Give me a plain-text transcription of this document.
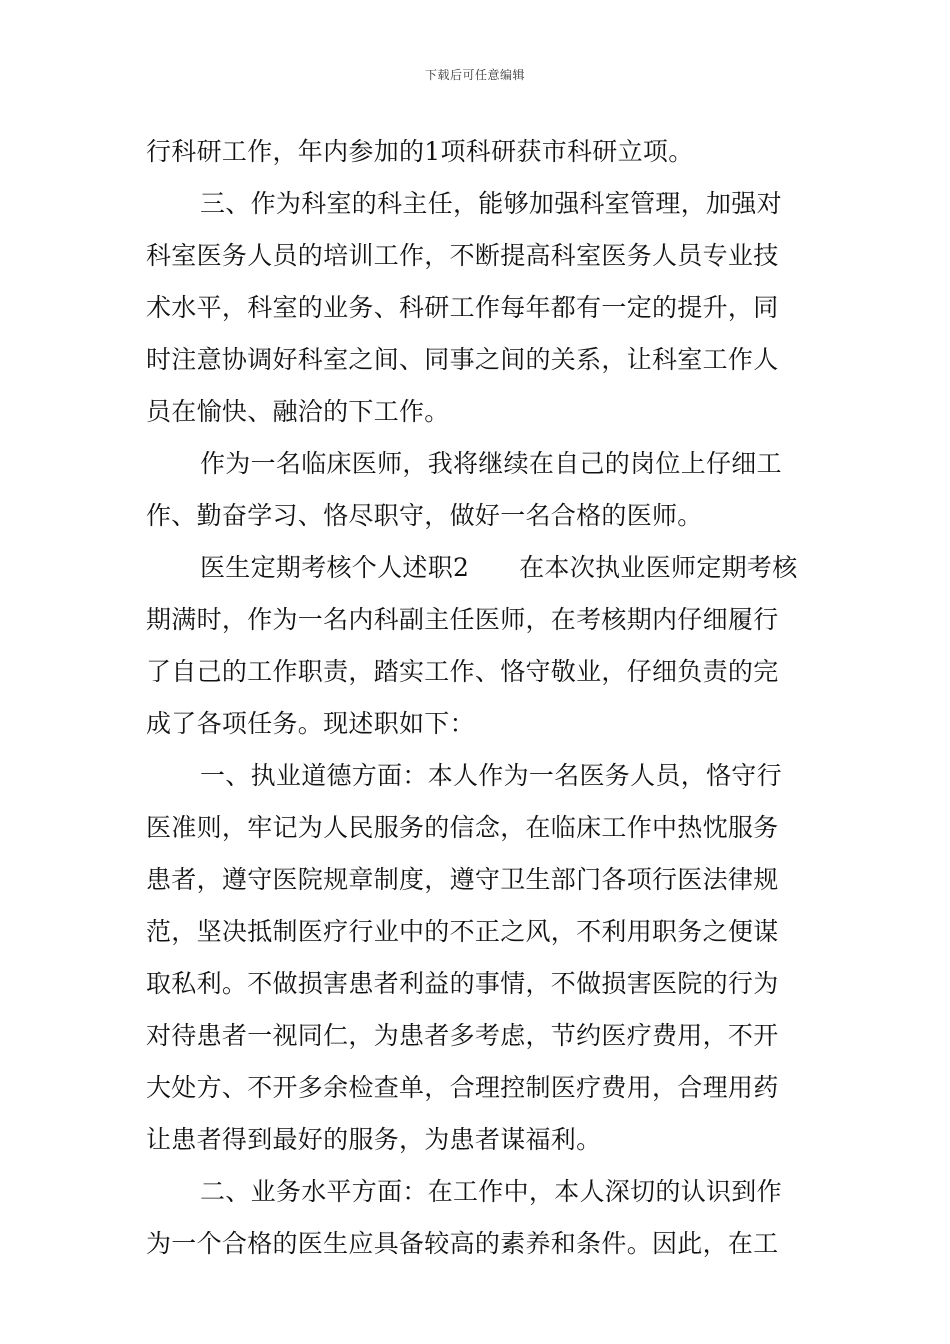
下载后可任意编辑
行科研工作，年内参加的1项科研获市科研立项。
三、作为科室的科主任，能够加强科室管理，加强对
科室医务人员的培训工作，不断提高科室医务人员专业技
术水平，科室的业务、科研工作每年都有一定的提升，同
时注意协调好科室之间、同事之间的关系，让科室工作人
员在愉快、融洽的下工作。
作为一名临床医师，我将继续在自己的岗位上仔细工
作、勤奋学习、恪尽职守，做好一名合格的医师。
医生定期考核个人述职2 在本次执业医师定期考核
期满时，作为一名内科副主任医师，在考核期内仔细履行
了自己的工作职责，踏实工作、恪守敬业，仔细负责的完
成了各项任务。现述职如下：
一、执业道德方面：本人作为一名医务人员，恪守行
医准则，牢记为人民服务的信念，在临床工作中热忱服务
患者，遵守医院规章制度，遵守卫生部门各项行医法律规
范，坚决抵制医疗行业中的不正之风，不利用职务之便谋
取私利。不做损害患者利益的事情，不做损害医院的行为
对待患者一视同仁，为患者多考虑，节约医疗费用，不开
大处方、不开多余检查单，合理控制医疗费用，合理用药
让患者得到最好的服务，为患者谋福利。
二、业务水平方面：在工作中，本人深切的认识到作
为一个合格的医生应具备较高的素养和条件。因此，在工
